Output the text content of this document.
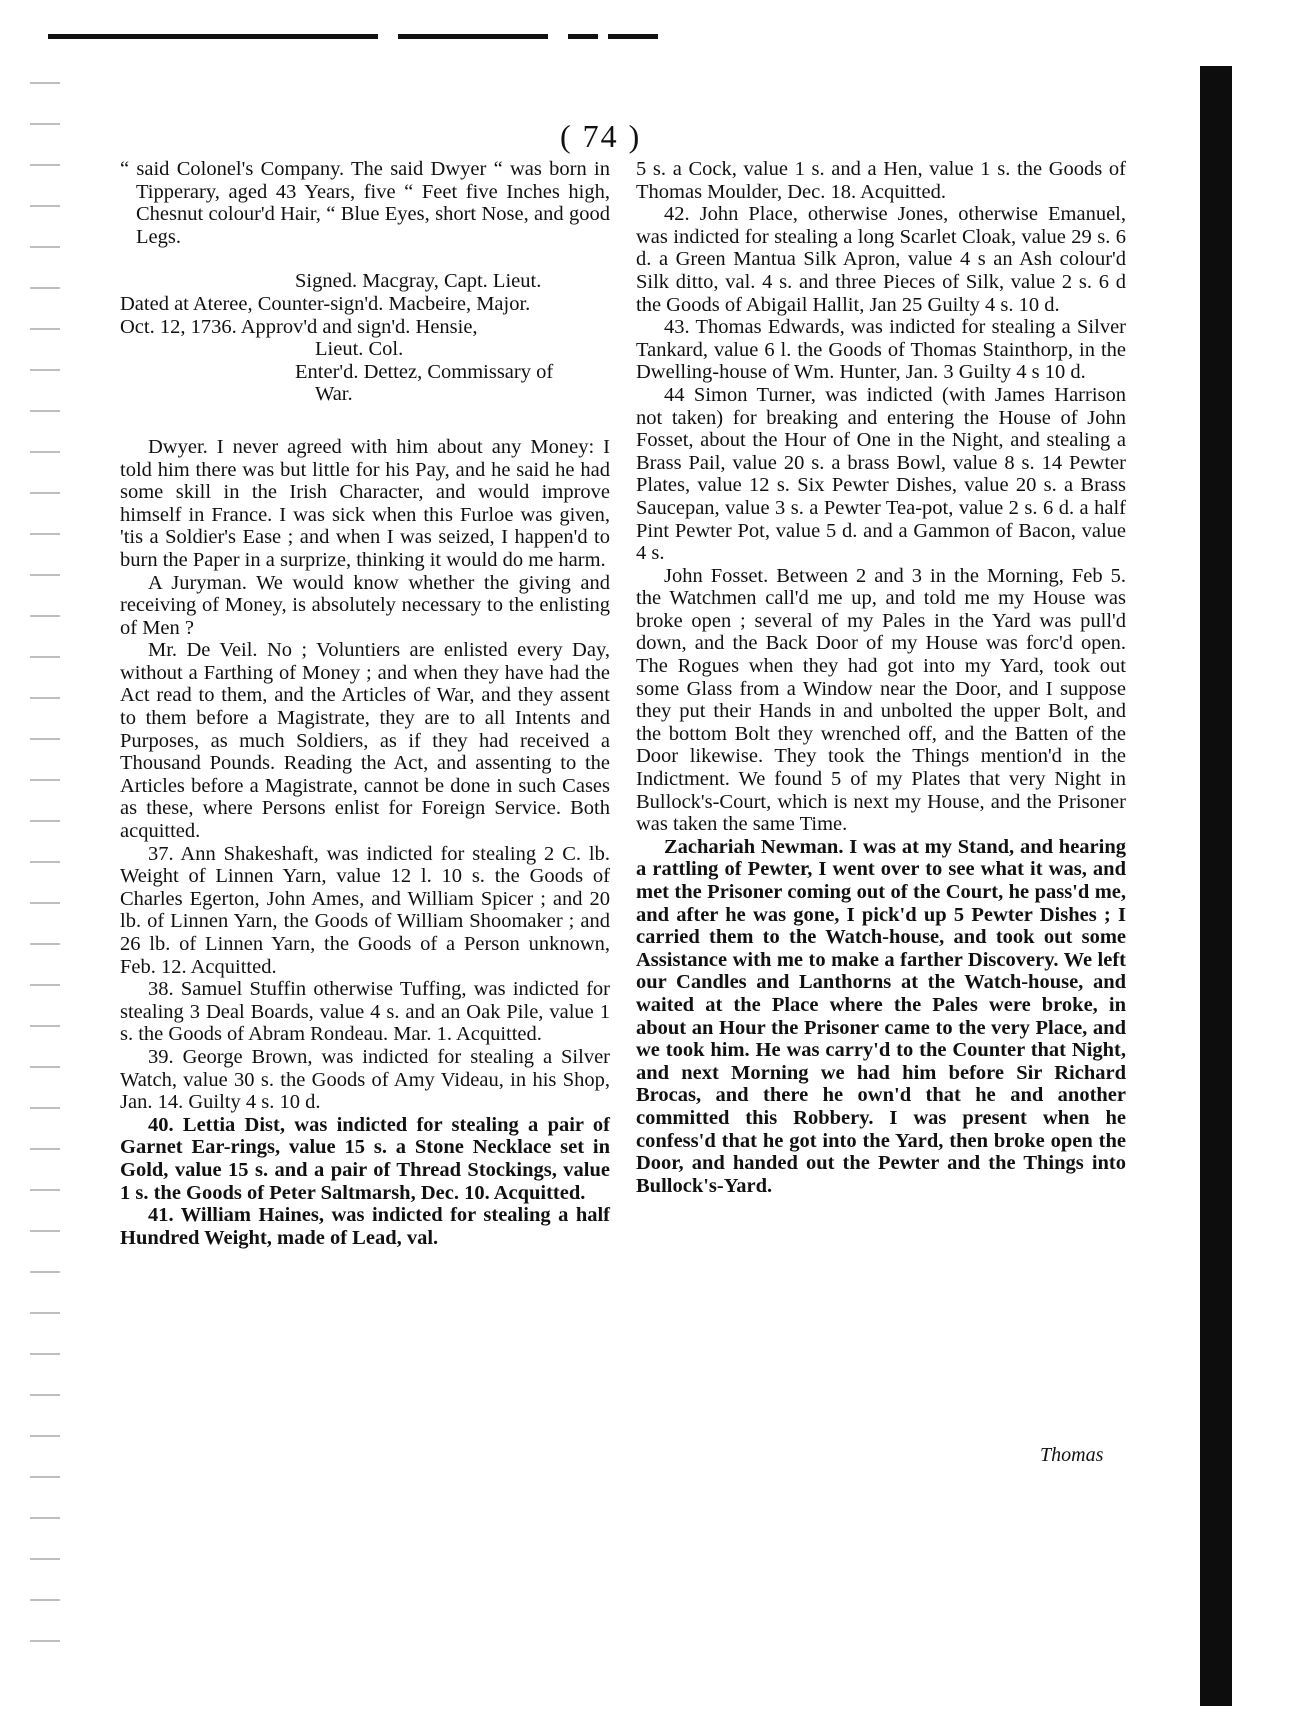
( 74 )

“ said Colonel's Company. The said Dwyer “ was born in Tipperary, aged 43 Years, five “ Feet five Inches high, Chesnut colour'd Hair, “ Blue Eyes, short Nose, and good Legs.

Signed. Macgray, Capt. Lieut.
Dated at Ateree, Counter-sign'd. Macbeire, Major.
Oct. 12, 1736. Approv'd and sign'd. Hensie,
Lieut. Col.
Enter'd. Dettez, Commissary of
War.

Dwyer. I never agreed with him about any Money: I told him there was but little for his Pay, and he said he had some skill in the Irish Character, and would improve himself in France. I was sick when this Furloe was given, 'tis a Soldier's Ease ; and when I was seized, I happen'd to burn the Paper in a surprize, thinking it would do me harm.

A Juryman. We would know whether the giving and receiving of Money, is absolutely necessary to the enlisting of Men ?

Mr. De Veil. No ; Voluntiers are enlisted every Day, without a Farthing of Money ; and when they have had the Act read to them, and the Articles of War, and they assent to them before a Magistrate, they are to all Intents and Purposes, as much Soldiers, as if they had received a Thousand Pounds. Reading the Act, and assenting to the Articles before a Magistrate, cannot be done in such Cases as these, where Persons enlist for Foreign Service. Both acquitted.

37. Ann Shakeshaft, was indicted for stealing 2 C. lb. Weight of Linnen Yarn, value 12 l. 10 s. the Goods of Charles Egerton, John Ames, and William Spicer ; and 20 lb. of Linnen Yarn, the Goods of William Shoomaker ; and 26 lb. of Linnen Yarn, the Goods of a Person unknown, Feb. 12. Acquitted.

38. Samuel Stuffin otherwise Tuffing, was indicted for stealing 3 Deal Boards, value 4 s. and an Oak Pile, value 1 s. the Goods of Abram Rondeau. Mar. 1. Acquitted.

39. George Brown, was indicted for stealing a Silver Watch, value 30 s. the Goods of Amy Videau, in his Shop, Jan. 14. Guilty 4 s. 10 d.

40. Lettia Dist, was indicted for stealing a pair of Garnet Ear-rings, value 15 s. a Stone Necklace set in Gold, value 15 s. and a pair of Thread Stockings, value 1 s. the Goods of Peter Saltmarsh, Dec. 10. Acquitted.

41. William Haines, was indicted for stealing a half Hundred Weight, made of Lead, val.

5 s. a Cock, value 1 s. and a Hen, value 1 s. the Goods of Thomas Moulder, Dec. 18. Acquitted.

42. John Place, otherwise Jones, otherwise Emanuel, was indicted for stealing a long Scarlet Cloak, value 29 s. 6 d. a Green Mantua Silk Apron, value 4 s an Ash colour'd Silk ditto, val. 4 s. and three Pieces of Silk, value 2 s. 6 d the Goods of Abigail Hallit, Jan 25 Guilty 4 s. 10 d.

43. Thomas Edwards, was indicted for stealing a Silver Tankard, value 6 l. the Goods of Thomas Stainthorp, in the Dwelling-house of Wm. Hunter, Jan. 3 Guilty 4 s 10 d.

44 Simon Turner, was indicted (with James Harrison not taken) for breaking and entering the House of John Fosset, about the Hour of One in the Night, and stealing a Brass Pail, value 20 s. a brass Bowl, value 8 s. 14 Pewter Plates, value 12 s. Six Pewter Dishes, value 20 s. a Brass Saucepan, value 3 s. a Pewter Tea-pot, value 2 s. 6 d. a half Pint Pewter Pot, value 5 d. and a Gammon of Bacon, value 4 s.

John Fosset. Between 2 and 3 in the Morning, Feb 5. the Watchmen call'd me up, and told me my House was broke open ; several of my Pales in the Yard was pull'd down, and the Back Door of my House was forc'd open. The Rogues when they had got into my Yard, took out some Glass from a Window near the Door, and I suppose they put their Hands in and unbolted the upper Bolt, and the bottom Bolt they wrenched off, and the Batten of the Door likewise. They took the Things mention'd in the Indictment. We found 5 of my Plates that very Night in Bullock's-Court, which is next my House, and the Prisoner was taken the same Time.

Zachariah Newman. I was at my Stand, and hearing a rattling of Pewter, I went over to see what it was, and met the Prisoner coming out of the Court, he pass'd me, and after he was gone, I pick'd up 5 Pewter Dishes ; I carried them to the Watch-house, and took out some Assistance with me to make a farther Discovery. We left our Candles and Lanthorns at the Watch-house, and waited at the Place where the Pales were broke, in about an Hour the Prisoner came to the very Place, and we took him. He was carry'd to the Counter that Night, and next Morning we had him before Sir Richard Brocas, and there he own'd that he and another committed this Robbery. I was present when he confess'd that he got into the Yard, then broke open the Door, and handed out the Pewter and the Things into Bullock's-Yard.

Thomas
